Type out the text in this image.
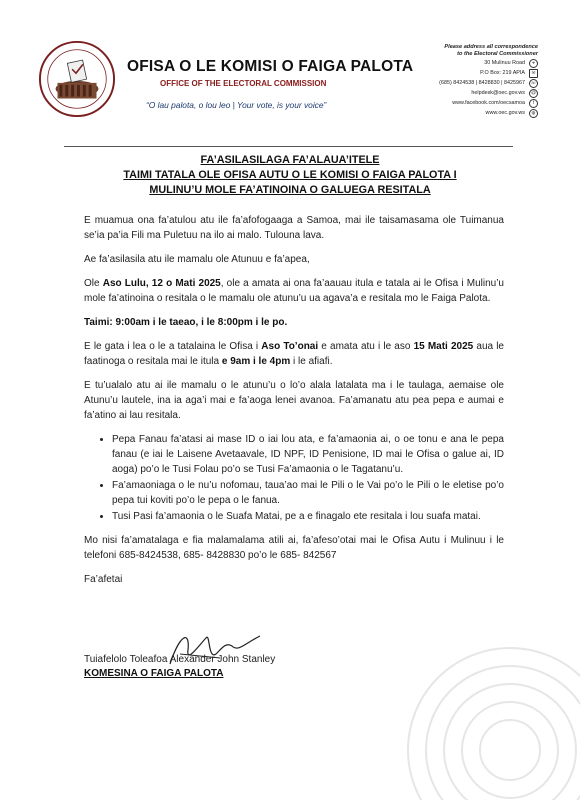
OFISA O LE KOMISI O FAIGA PALOTA
OFFICE OF THE ELECTORAL COMMISSION
“O lau palota, o lou leo | Your vote, is your voice”
Please address all correspondence
to the Electoral Commissioner
30 Mulinuu Road	⌖
P.O Box: 219 APIA	✉
(685) 8424538 | 8428830 | 8425967	☏
helpdesk@oec.gov.ws	@
www.facebook.com/oecsamoa	f
www.oec.gov.ws	◍
FA’ASILASILAGA FA’ALAUA’ITELE
TAIMI TATALA OLE OFISA AUTU O LE KOMISI O FAIGA PALOTA I
MULINU’U MOLE FA’ATINOINA O GALUEGA RESITALA

E muamua ona fa’atulou atu ile fa’afofogaaga a Samoa, mai ile taisamasama ole Tuimanua se’ia pa’ia Fili ma Puletuu na ilo ai malo. Tulouna lava.

Ae fa’asilasila atu ile mamalu ole Atunuu e fa’apea,

Ole Aso Lulu, 12 o Mati 2025, ole a amata ai ona fa’aauau itula e tatala ai le Ofisa i Mulinu’u mole fa’atinoina o resitala o le mamalu ole atunu’u ua agava’a e resitala mo le Faiga Palota.

Taimi: 9:00am i le taeao, i le 8:00pm i le po.

E le gata i lea o le a tatalaina le Ofisa i Aso To’onai e amata atu i le aso 15 Mati 2025 aua le faatinoga o resitala mai le itula e 9am i le 4pm i le afiafi.

E tu’ualalo atu ai ile mamalu o le atunu’u o lo’o alala latalata ma i le taulaga, aemaise ole Atunu’u lautele, ina ia aga’i mai e fa’aoga lenei avanoa. Fa’amanatu atu pea pepa e aumai e fa’atino ai lau resitala.

• Pepa Fanau fa’atasi ai mase ID o iai lou ata, e fa’amaonia ai, o oe tonu e ana le pepa fanau (e iai le Laisene Avetaavale, ID NPF, ID Penisione, ID mai le Ofisa o galue ai, ID aoga) po’o le Tusi Folau po’o se Tusi Fa’amaonia o le Tagatanu’u.
• Fa’amaoniaga o le nu’u nofomau, taua’ao mai le Pili o le Vai po’o le Pili o le eletise po’o pepa tui koviti po’o le pepa o le fanua.
• Tusi Pasi fa’amaonia o le Suafa Matai, pe a e finagalo ete resitala i lou suafa matai.

Mo nisi fa’amatalaga e fia malamalama atili ai, fa’afeso’otai mai le Ofisa Autu i Mulinuu i le telefoni 685-8424538, 685- 8428830 po’o le 685- 842567

Fa’afetai

Tuiafelolo Toleafoa Alexander John Stanley
KOMESINA O FAIGA PALOTA
